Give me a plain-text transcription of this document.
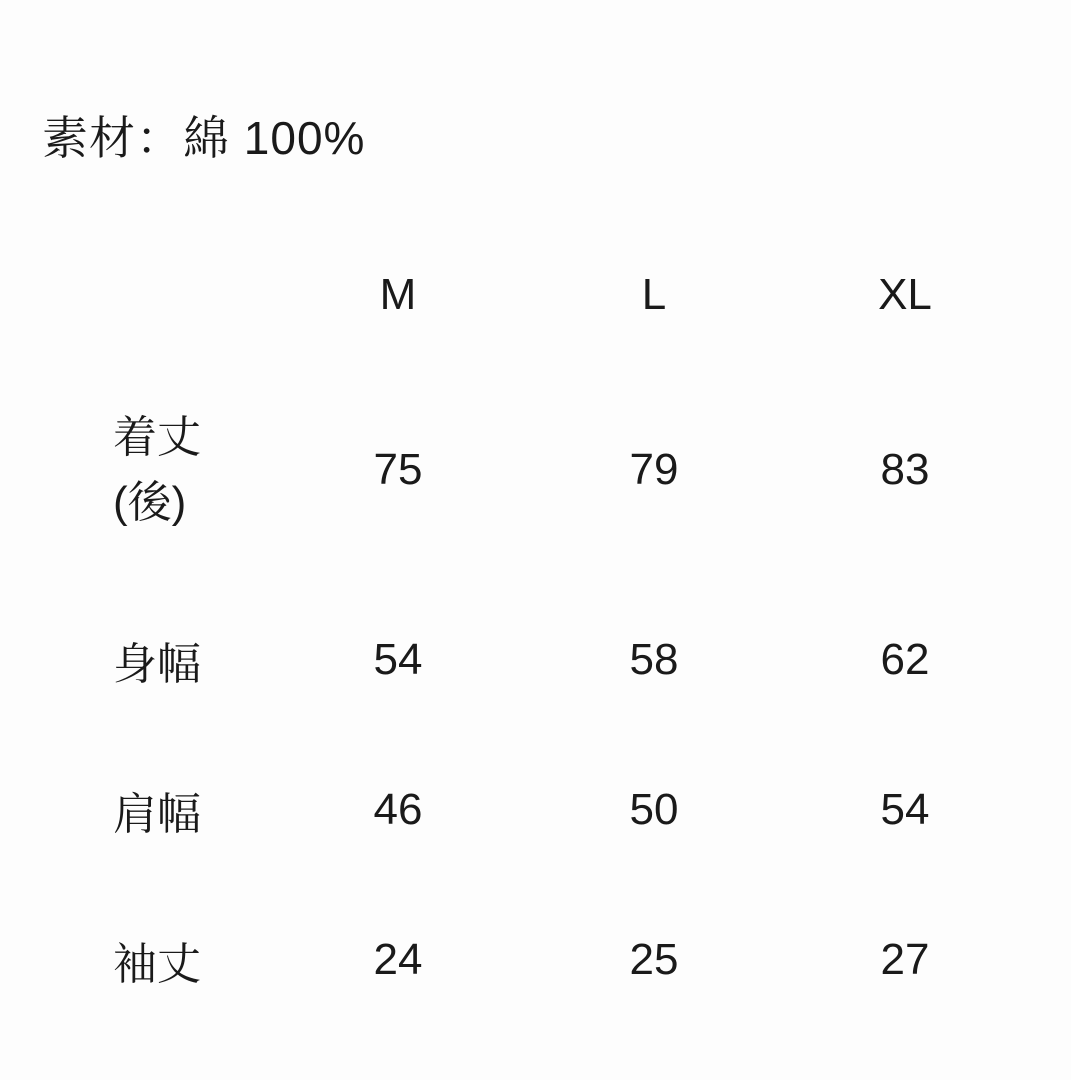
素材：綿 100%
	M	L	XL

着丈
(後)	75	79	83
身幅	54	58	62
肩幅	46	50	54
袖丈	24	25	27
